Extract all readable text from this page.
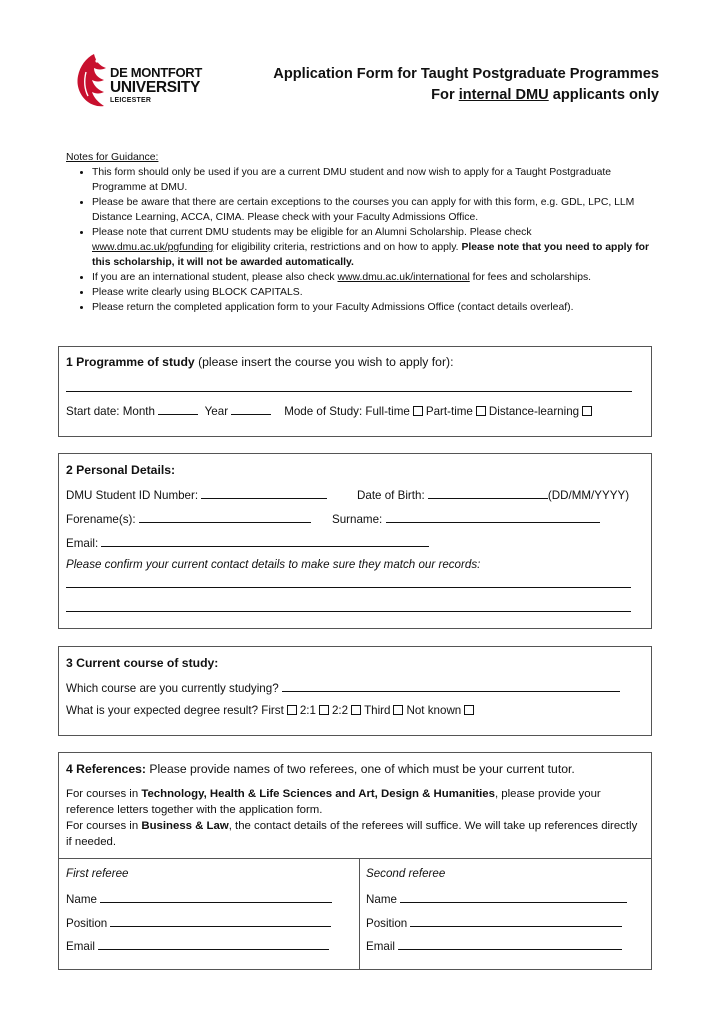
DE MONTFORT
UNIVERSITY
LEICESTER
Application Form for Taught Postgraduate Programmes
For internal DMU applicants only
Notes for Guidance:
• This form should only be used if you are a current DMU student and now wish to apply for a Taught Postgraduate Programme at DMU.
• Please be aware that there are certain exceptions to the courses you can apply for with this form, e.g. GDL, LPC, LLM Distance Learning, ACCA, CIMA. Please check with your Faculty Admissions Office.
• Please note that current DMU students may be eligible for an Alumni Scholarship. Please check
www.dmu.ac.uk/pgfunding for eligibility criteria, restrictions and on how to apply. Please note that you need to apply for this scholarship, it will not be awarded automatically.
• If you are an international student, please also check www.dmu.ac.uk/international for fees and scholarships.
• Please write clearly using BLOCK CAPITALS.
• Please return the completed application form to your Faculty Admissions Office (contact details overleaf).
1 Programme of study (please insert the course you wish to apply for):
Start date: Month	Year	Mode of Study: Full-time Part-time Distance-learning
2 Personal Details:
DMU Student ID Number:	Date of Birth:	(DD/MM/YYYY)
Forename(s):	Surname:
Email:
Please confirm your current contact details to make sure they match our records:
3 Current course of study:
Which course are you currently studying?
What is your expected degree result? First 2:1 2:2 Third Not known
4 References: Please provide names of two referees, one of which must be your current tutor.
For courses in Technology, Health & Life Sciences and Art, Design & Humanities, please provide your reference letters together with the application form.
For courses in Business & Law, the contact details of the referees will suffice. We will take up references directly if needed.
First referee
Name
Position
Email
Second referee
Name
Position
Email
